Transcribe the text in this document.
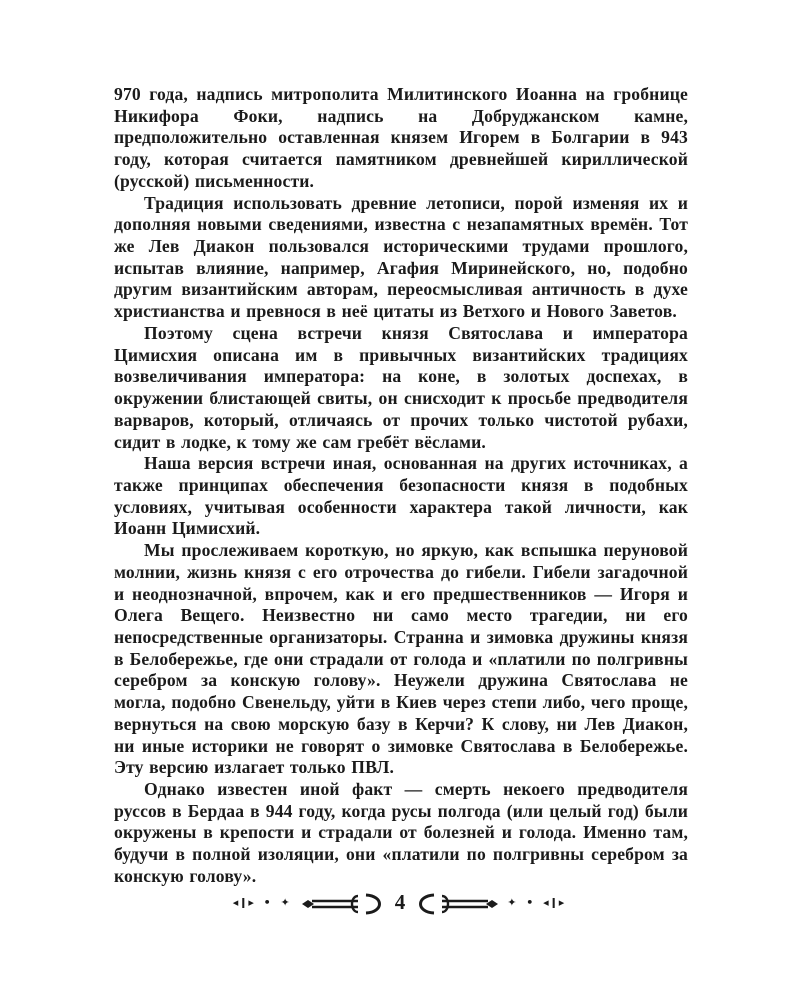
970 года, надпись митрополита Милитинского Иоанна на гробнице Никифора Фоки, надпись на Добруджанском камне, предположительно оставленная князем Игорем в Болгарии в 943 году, которая считается памятником древнейшей кириллической (русской) письменности.

Традиция использовать древние летописи, порой изменяя их и дополняя новыми сведениями, известна с незапамятных времён. Тот же Лев Диакон пользовался историческими трудами прошлого, испытав влияние, например, Агафия Миринейского, но, подобно другим византийским авторам, переосмысливая античность в духе христианства и превнося в неё цитаты из Ветхого и Нового Заветов.

Поэтому сцена встречи князя Святослава и императора Цимисхия описана им в привычных византийских традициях возвеличивания императора: на коне, в золотых доспехах, в окружении блистающей свиты, он снисходит к просьбе предводителя варваров, который, отличаясь от прочих только чистотой рубахи, сидит в лодке, к тому же сам гребёт вёслами.

Наша версия встречи иная, основанная на других источниках, а также принципах обеспечения безопасности князя в подобных условиях, учитывая особенности характера такой личности, как Иоанн Цимисхий.

Мы прослеживаем короткую, но яркую, как вспышка перуновой молнии, жизнь князя с его отрочества до гибели. Гибели загадочной и неоднозначной, впрочем, как и его предшественников — Игоря и Олега Вещего. Неизвестно ни само место трагедии, ни его непосредственные организаторы. Странна и зимовка дружины князя в Белобережье, где они страдали от голода и «платили по полгривны серебром за конскую голову». Неужели дружина Святослава не могла, подобно Свенельду, уйти в Киев через степи либо, чего проще, вернуться на свою морскую базу в Керчи? К слову, ни Лев Диакон, ни иные историки не говорят о зимовке Святослава в Белобережье. Эту версию излагает только ПВЛ.

Однако известен иной факт — смерть некоего предводителя руссов в Бердаа в 944 году, когда русы полгода (или целый год) были окружены в крепости и страдали от болезней и голода. Именно там, будучи в полной изоляции, они «платили по полгривны серебром за конскую голову».

◂ǀ▸ • ✦	4	✦ • ◂ǀ▸
